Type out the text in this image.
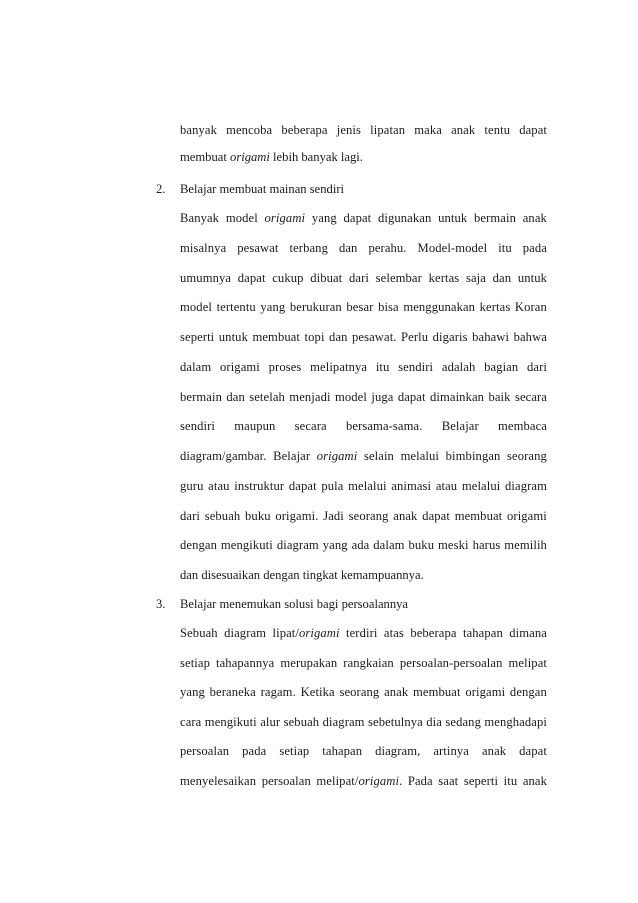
banyak mencoba beberapa jenis lipatan maka anak tentu dapat
membuat origami lebih banyak lagi.
2. Belajar membuat mainan sendiri
Banyak model origami yang dapat digunakan untuk bermain anak
misalnya pesawat terbang dan perahu. Model-model itu pada
umumnya dapat cukup dibuat dari selembar kertas saja dan untuk
model tertentu yang berukuran besar bisa menggunakan kertas Koran
seperti untuk membuat topi dan pesawat. Perlu digaris bahawi bahwa
dalam origami proses melipatnya itu sendiri adalah bagian dari
bermain dan setelah menjadi model juga dapat dimainkan baik secara
sendiri maupun secara bersama-sama. Belajar membaca
diagram/gambar. Belajar origami selain melalui bimbingan seorang
guru atau instruktur dapat pula melalui animasi atau melalui diagram
dari sebuah buku origami. Jadi seorang anak dapat membuat origami
dengan mengikuti diagram yang ada dalam buku meski harus memilih
dan disesuaikan dengan tingkat kemampuannya.
3. Belajar menemukan solusi bagi persoalannya
Sebuah diagram lipat/origami terdiri atas beberapa tahapan dimana
setiap tahapannya merupakan rangkaian persoalan-persoalan melipat
yang beraneka ragam. Ketika seorang anak membuat origami dengan
cara mengikuti alur sebuah diagram sebetulnya dia sedang menghadapi
persoalan pada setiap tahapan diagram, artinya anak dapat
menyelesaikan persoalan melipat/origami. Pada saat seperti itu anak
